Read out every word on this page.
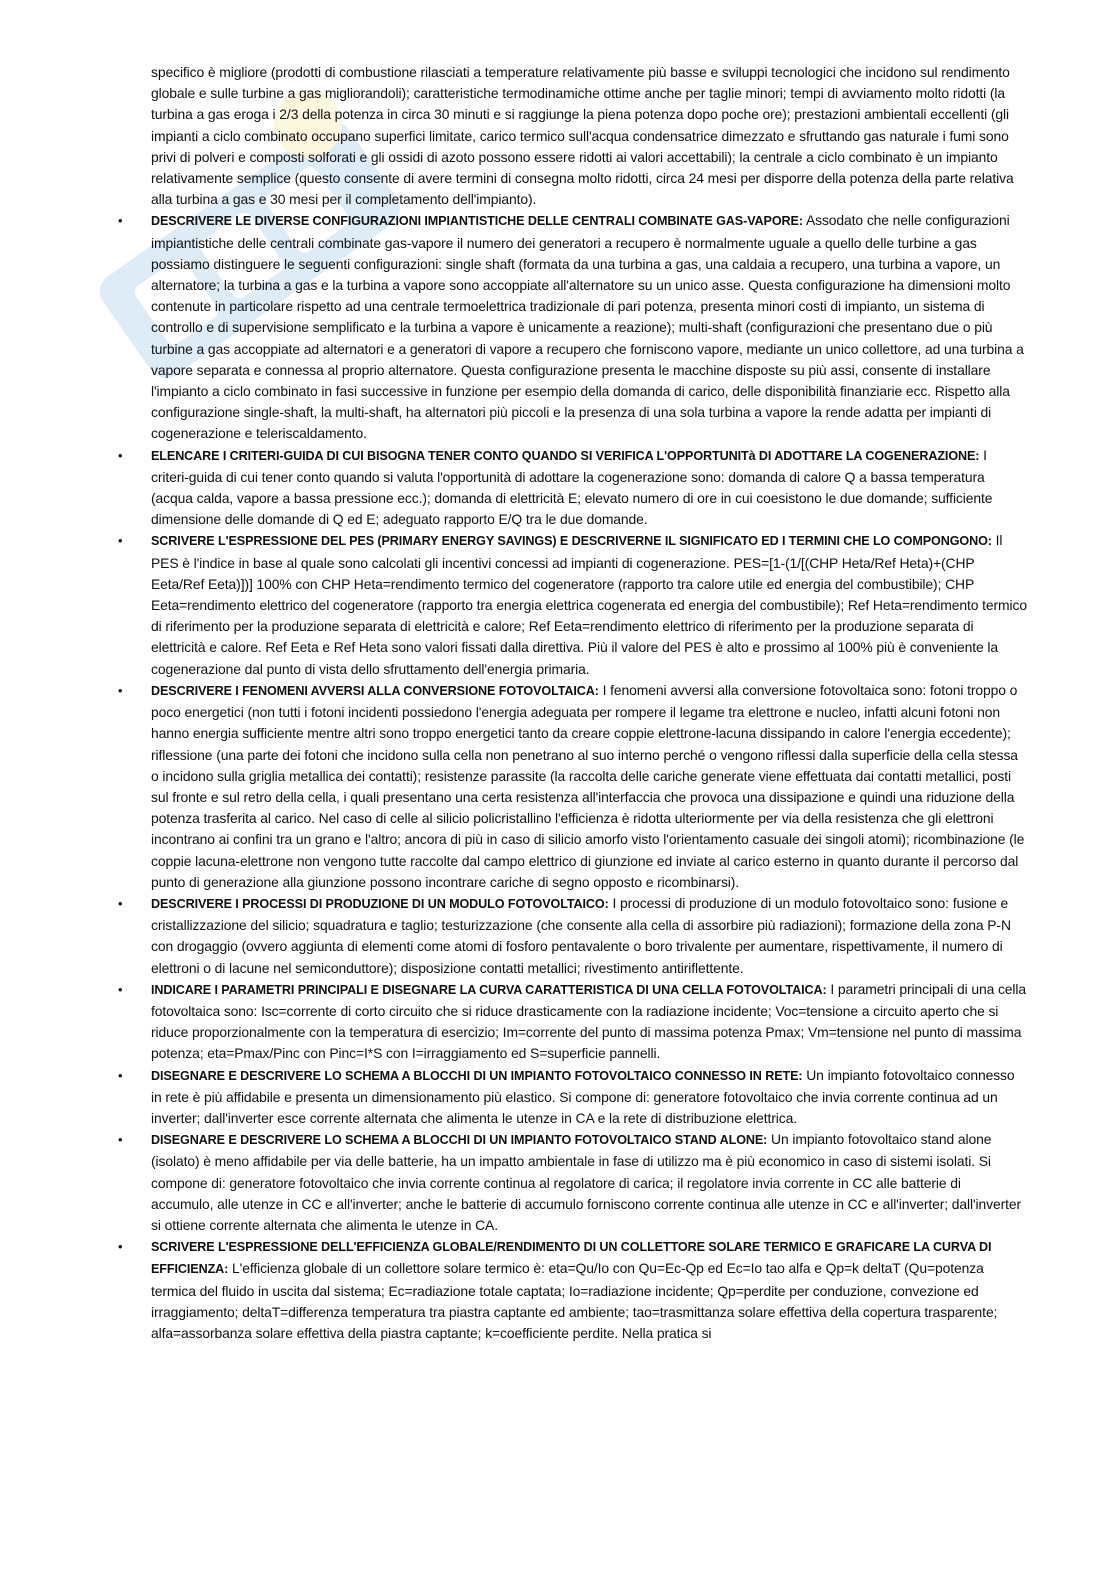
specifico è migliore (prodotti di combustione rilasciati a temperature relativamente più basse e sviluppi tecnologici che incidono sul rendimento globale e sulle turbine a gas migliorandoli); caratteristiche termodinamiche ottime anche per taglie minori; tempi di avviamento molto ridotti (la turbina a gas eroga i 2/3 della potenza in circa 30 minuti e si raggiunge la piena potenza dopo poche ore); prestazioni ambientali eccellenti (gli impianti a ciclo combinato occupano superfici limitate, carico termico sull'acqua condensatrice dimezzato e sfruttando gas naturale i fumi sono privi di polveri e composti solforati e gli ossidi di azoto possono essere ridotti ai valori accettabili); la centrale a ciclo combinato è un impianto relativamente semplice (questo consente di avere termini di consegna molto ridotti, circa 24 mesi per disporre della potenza della parte relativa alla turbina a gas e 30 mesi per il completamento dell'impianto).

• DESCRIVERE LE DIVERSE CONFIGURAZIONI IMPIANTISTICHE DELLE CENTRALI COMBINATE GAS-VAPORE: Assodato che nelle configurazioni impiantistiche delle centrali combinate gas-vapore il numero dei generatori a recupero è normalmente uguale a quello delle turbine a gas possiamo distinguere le seguenti configurazioni: single shaft (formata da una turbina a gas, una caldaia a recupero, una turbina a vapore, un alternatore; la turbina a gas e la turbina a vapore sono accoppiate all'alternatore su un unico asse. Questa configurazione ha dimensioni molto contenute in particolare rispetto ad una centrale termoelettrica tradizionale di pari potenza, presenta minori costi di impianto, un sistema di controllo e di supervisione semplificato e la turbina a vapore è unicamente a reazione); multi-shaft (configurazioni che presentano due o più turbine a gas accoppiate ad alternatori e a generatori di vapore a recupero che forniscono vapore, mediante un unico collettore, ad una turbina a vapore separata e connessa al proprio alternatore. Questa configurazione presenta le macchine disposte su più assi, consente di installare l'impianto a ciclo combinato in fasi successive in funzione per esempio della domanda di carico, delle disponibilità finanziarie ecc. Rispetto alla configurazione single-shaft, la multi-shaft, ha alternatori più piccoli e la presenza di una sola turbina a vapore la rende adatta per impianti di cogenerazione e teleriscaldamento.

• ELENCARE I CRITERI-GUIDA DI CUI BISOGNA TENER CONTO QUANDO SI VERIFICA L'OPPORTUNITà DI ADOTTARE LA COGENERAZIONE: I criteri-guida di cui tener conto quando si valuta l'opportunità di adottare la cogenerazione sono: domanda di calore Q a bassa temperatura (acqua calda, vapore a bassa pressione ecc.); domanda di elettricità E; elevato numero di ore in cui coesistono le due domande; sufficiente dimensione delle domande di Q ed E; adeguato rapporto E/Q tra le due domande.

• SCRIVERE L'ESPRESSIONE DEL PES (PRIMARY ENERGY SAVINGS) E DESCRIVERNE IL SIGNIFICATO ED I TERMINI CHE LO COMPONGONO: Il PES è l'indice in base al quale sono calcolati gli incentivi concessi ad impianti di cogenerazione. PES=[1-(1/[(CHP Heta/Ref Heta)+(CHP Eeta/Ref Eeta)])] 100% con CHP Heta=rendimento termico del cogeneratore (rapporto tra calore utile ed energia del combustibile); CHP Eeta=rendimento elettrico del cogeneratore (rapporto tra energia elettrica cogenerata ed energia del combustibile); Ref Heta=rendimento termico di riferimento per la produzione separata di elettricità e calore; Ref Eeta=rendimento elettrico di riferimento per la produzione separata di elettricità e calore. Ref Eeta e Ref Heta sono valori fissati dalla direttiva. Più il valore del PES è alto e prossimo al 100% più è conveniente la cogenerazione dal punto di vista dello sfruttamento dell'energia primaria.

• DESCRIVERE I FENOMENI AVVERSI ALLA CONVERSIONE FOTOVOLTAICA: I fenomeni avversi alla conversione fotovoltaica sono: fotoni troppo o poco energetici (non tutti i fotoni incidenti possiedono l'energia adeguata per rompere il legame tra elettrone e nucleo, infatti alcuni fotoni non hanno energia sufficiente mentre altri sono troppo energetici tanto da creare coppie elettrone-lacuna dissipando in calore l'energia eccedente); riflessione (una parte dei fotoni che incidono sulla cella non penetrano al suo interno perché o vengono riflessi dalla superficie della cella stessa o incidono sulla griglia metallica dei contatti); resistenze parassite (la raccolta delle cariche generate viene effettuata dai contatti metallici, posti sul fronte e sul retro della cella, i quali presentano una certa resistenza all'interfaccia che provoca una dissipazione e quindi una riduzione della potenza trasferita al carico. Nel caso di celle al silicio policristallino l'efficienza è ridotta ulteriormente per via della resistenza che gli elettroni incontrano ai confini tra un grano e l'altro; ancora di più in caso di silicio amorfo visto l'orientamento casuale dei singoli atomi); ricombinazione (le coppie lacuna-elettrone non vengono tutte raccolte dal campo elettrico di giunzione ed inviate al carico esterno in quanto durante il percorso dal punto di generazione alla giunzione possono incontrare cariche di segno opposto e ricombinarsi).

• DESCRIVERE I PROCESSI DI PRODUZIONE DI UN MODULO FOTOVOLTAICO: I processi di produzione di un modulo fotovoltaico sono: fusione e cristallizzazione del silicio; squadratura e taglio; testurizzazione (che consente alla cella di assorbire più radiazioni); formazione della zona P-N con drogaggio (ovvero aggiunta di elementi come atomi di fosforo pentavalente o boro trivalente per aumentare, rispettivamente, il numero di elettroni o di lacune nel semiconduttore); disposizione contatti metallici; rivestimento antiriflettente.

• INDICARE I PARAMETRI PRINCIPALI E DISEGNARE LA CURVA CARATTERISTICA DI UNA CELLA FOTOVOLTAICA: I parametri principali di una cella fotovoltaica sono: Isc=corrente di corto circuito che si riduce drasticamente con la radiazione incidente; Voc=tensione a circuito aperto che si riduce proporzionalmente con la temperatura di esercizio; Im=corrente del punto di massima potenza Pmax; Vm=tensione nel punto di massima potenza; eta=Pmax/Pinc con Pinc=I*S con I=irraggiamento ed S=superficie pannelli.

• DISEGNARE E DESCRIVERE LO SCHEMA A BLOCCHI DI UN IMPIANTO FOTOVOLTAICO CONNESSO IN RETE: Un impianto fotovoltaico connesso in rete è più affidabile e presenta un dimensionamento più elastico. Si compone di: generatore fotovoltaico che invia corrente continua ad un inverter; dall'inverter esce corrente alternata che alimenta le utenze in CA e la rete di distribuzione elettrica.

• DISEGNARE E DESCRIVERE LO SCHEMA A BLOCCHI DI UN IMPIANTO FOTOVOLTAICO STAND ALONE: Un impianto fotovoltaico stand alone (isolato) è meno affidabile per via delle batterie, ha un impatto ambientale in fase di utilizzo ma è più economico in caso di sistemi isolati. Si compone di: generatore fotovoltaico che invia corrente continua al regolatore di carica; il regolatore invia corrente in CC alle batterie di accumulo, alle utenze in CC e all'inverter; anche le batterie di accumulo forniscono corrente continua alle utenze in CC e all'inverter; dall'inverter si ottiene corrente alternata che alimenta le utenze in CA.

• SCRIVERE L'ESPRESSIONE DELL'EFFICIENZA GLOBALE/RENDIMENTO DI UN COLLETTORE SOLARE TERMICO E GRAFICARE LA CURVA DI EFFICIENZA: L'efficienza globale di un collettore solare termico è: eta=Qu/Io con Qu=Ec-Qp ed Ec=Io tao alfa e Qp=k deltaT (Qu=potenza termica del fluido in uscita dal sistema; Ec=radiazione totale captata; Io=radiazione incidente; Qp=perdite per conduzione, convezione ed irraggiamento; deltaT=differenza temperatura tra piastra captante ed ambiente; tao=trasmittanza solare effettiva della copertura trasparente; alfa=assorbanza solare effettiva della piastra captante; k=coefficiente perdite. Nella pratica si
